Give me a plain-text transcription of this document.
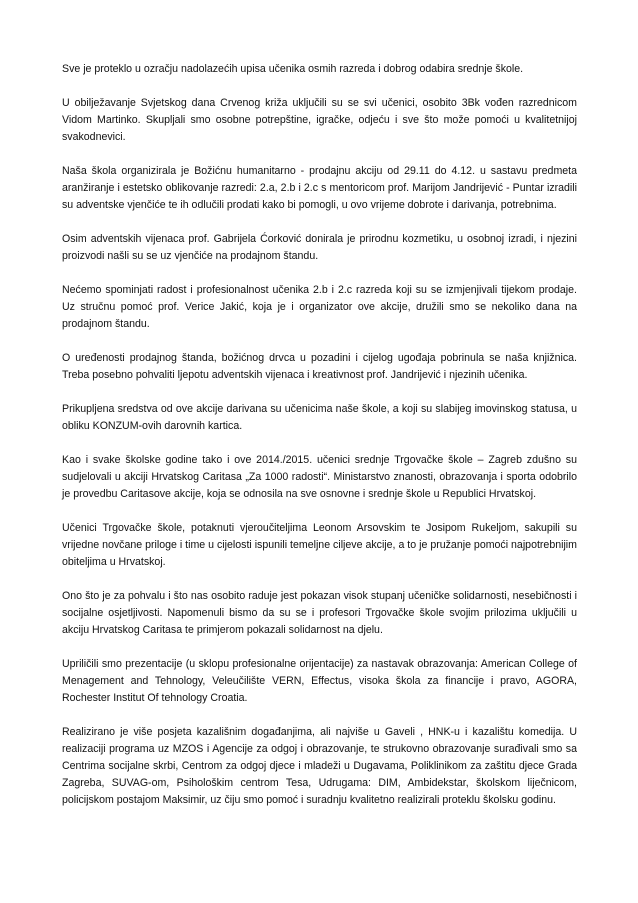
Sve je proteklo u ozračju nadolazećih upisa učenika osmih razreda i dobrog odabira srednje škole.

U obilježavanje Svjetskog dana Crvenog križa uključili su se svi učenici, osobito 3Bk vođen razrednicom Vidom Martinko. Skupljali smo osobne potrepštine, igračke, odjeću i sve što može pomoći u kvalitetnijoj svakodnevici.

Naša škola organizirala je Božićnu humanitarno - prodajnu akciju od 29.11 do 4.12. u sastavu predmeta aranžiranje i estetsko oblikovanje razredi: 2.a, 2.b i 2.c s mentoricom prof. Marijom Jandrijević - Puntar izradili su adventske vjenčiće te ih odlučili prodati kako bi pomogli, u ovo vrijeme dobrote i darivanja, potrebnima.

Osim adventskih vijenaca prof. Gabrijela Ćorković donirala je prirodnu kozmetiku, u osobnoj izradi, i njezini proizvodi našli su se uz vjenčiće na prodajnom štandu.

Nećemo spominjati radost i profesionalnost učenika 2.b i 2.c razreda koji su se izmjenjivali tijekom prodaje. Uz stručnu pomoć prof. Verice Jakić, koja je i organizator ove akcije, družili smo se nekoliko dana na prodajnom štandu.

O uređenosti prodajnog štanda, božićnog drvca u pozadini i cijelog ugođaja pobrinula se naša knjižnica. Treba posebno pohvaliti ljepotu adventskih vijenaca i kreativnost prof. Jandrijević i njezinih učenika.

Prikupljena sredstva od ove akcije darivana su učenicima naše škole, a koji su slabijeg imovinskog statusa, u obliku KONZUM-ovih darovnih kartica.

Kao i svake školske godine tako i ove 2014./2015. učenici srednje Trgovačke škole – Zagreb zdušno su sudjelovali u akciji Hrvatskog Caritasa „Za 1000 radosti“. Ministarstvo znanosti, obrazovanja i sporta odobrilo je provedbu Caritasove akcije, koja se odnosila na sve osnovne i srednje škole u Republici Hrvatskoj.

Učenici Trgovačke škole, potaknuti vjeroučiteljima Leonom Arsovskim te Josipom Rukeljom, sakupili su vrijedne novčane priloge i time u cijelosti ispunili temeljne ciljeve akcije, a to je pružanje pomoći najpotrebnijim obiteljima u Hrvatskoj.

Ono što je za pohvalu i što nas osobito raduje jest pokazan visok stupanj učeničke solidarnosti, nesebičnosti i socijalne osjetljivosti. Napomenuli bismo da su se i profesori Trgovačke škole svojim prilozima uključili u akciju Hrvatskog Caritasa te primjerom pokazali solidarnost na djelu.

Upriličili smo prezentacije (u sklopu profesionalne orijentacije) za nastavak obrazovanja: American College of Menagement and Tehnology, Veleučilište VERN, Effectus, visoka škola za financije i pravo, AGORA, Rochester Institut Of tehnology Croatia.

Realizirano je više posjeta kazališnim događanjima, ali najviše u Gaveli , HNK-u i kazalištu komedija. U realizaciji programa uz MZOS i Agencije za odgoj i obrazovanje, te strukovno obrazovanje surađivali smo sa Centrima socijalne skrbi, Centrom za odgoj djece i mladeži u Dugavama, Poliklinikom za zaštitu djece Grada Zagreba, SUVAG-om, Psihološkim centrom Tesa, Udrugama: DIM, Ambidekstar, školskom liječnicom, policijskom postajom Maksimir, uz čiju smo pomoć i suradnju kvalitetno realizirali proteklu školsku godinu.
